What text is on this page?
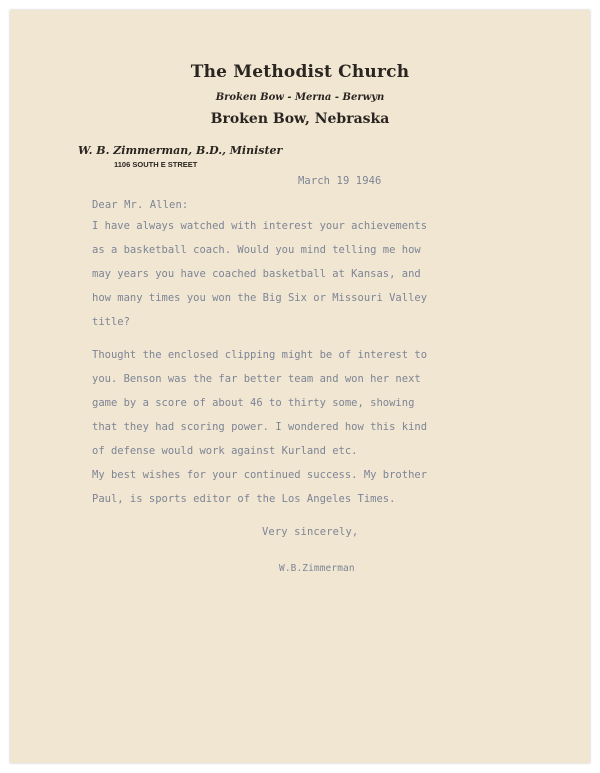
The Methodist Church
Broken Bow - Merna - Berwyn
Broken Bow, Nebraska
W. B. Zimmerman, B.D., Minister
1106 SOUTH E STREET
March 19 1946
Dear Mr. Allen:
I have always watched with interest your achievements
as a basketball coach. Would you mind telling me how
may years you have coached basketball at Kansas, and
how many times you won the Big Six or Missouri Valley
title?
Thought the enclosed clipping might be of interest to
you. Benson was the far better team and won her next
game by a score of about 46 to thirty some, showing
that they had scoring power. I wondered how this kind
of defense would work against Kurland etc.
My best wishes for your continued success. My brother
Paul, is sports editor of the Los Angeles Times.
Very sincerely,
W.B.Zimmerman
